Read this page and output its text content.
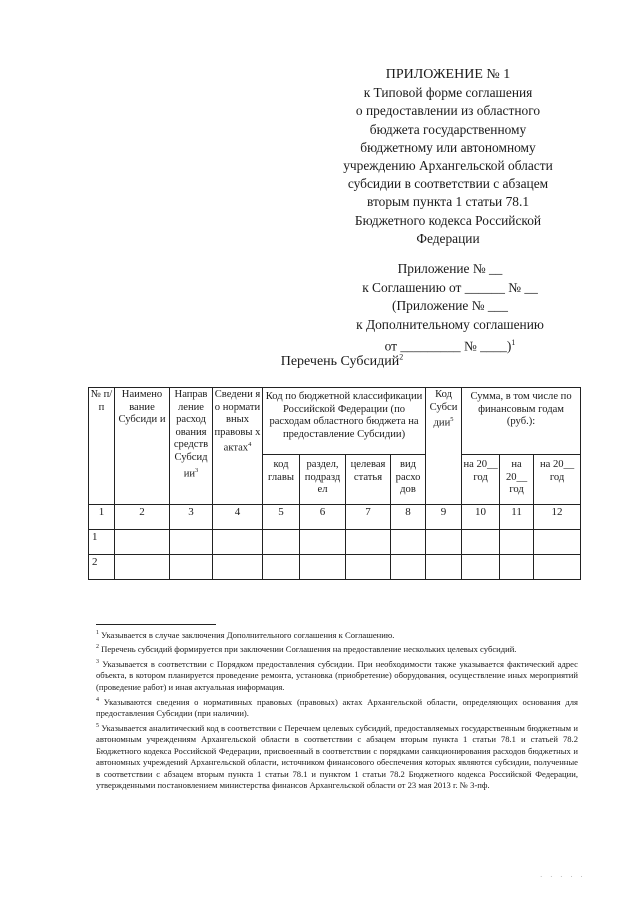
ПРИЛОЖЕНИЕ № 1
к Типовой форме соглашения
о предоставлении из областного
бюджета государственному
бюджетному или автономному
учреждению Архангельской области
субсидии в соответствии с абзацем
вторым пункта 1 статьи 78.1
Бюджетного кодекса Российской
Федерации
Приложение № __
к Соглашению от ______ № __
(Приложение № ___
к Дополнительному соглашению
от _________ № ____)$^1$
Перечень Субсидий$^2$
№ п/п	Наимено вание Субсиди и	Направ ление расход ования средств Субсид $ии^3$	Сведени я о нормати вных правовы х актах$^4$	Код по бюджетной классификации Российской Федерации (по расходам областного бюджета на предоставление Субсидии)				Код Субси дии$^5$	Сумма, в том числе по финансовым годам (руб.):		
				код главы	раздел, подразд ел	целевая статья	вид расхо дов		на 20__ год	на 20__ год	на 20__ год
1	2	3	4	5	6	7	8	9	10	11	12
1											
2											

$^1$ Указывается в случае заключения Дополнительного соглашения к Соглашению.

$^2$ Перечень субсидий формируется при заключении Соглашения на предоставление нескольких целевых субсидий.

$^3$ Указывается в соответствии с Порядком предоставления субсидии. При необходимости также указывается фактический адрес объекта, в котором планируется проведение ремонта, установка (приобретение) оборудования, осуществление иных мероприятий (проведение работ) и иная актуальная информация.

$^4$ Указываются сведения о нормативных правовых (правовых) актах Архангельской области, определяющих основания для предоставления Субсидии (при наличии).

$^5$ Указывается аналитический код в соответствии с Перечнем целевых субсидий, предоставляемых государственным бюджетным и автономным учреждениям Архангельской области в соответствии с абзацем вторым пункта 1 статьи 78.1 и статьей 78.2 Бюджетного кодекса Российской Федерации, присвоенный в соответствии с порядками санкционирования расходов бюджетных и автономных учреждений Архангельской области, источником финансового обеспечения которых являются субсидии, полученные в соответствии с абзацем вторым пункта 1 статьи 78.1 и пунктом 1 статьи 78.2 Бюджетного кодекса Российской Федерации, утвержденными постановлением министерства финансов Архангельской области от 23 мая 2013 г. № 3-пф.

· · · · ·
